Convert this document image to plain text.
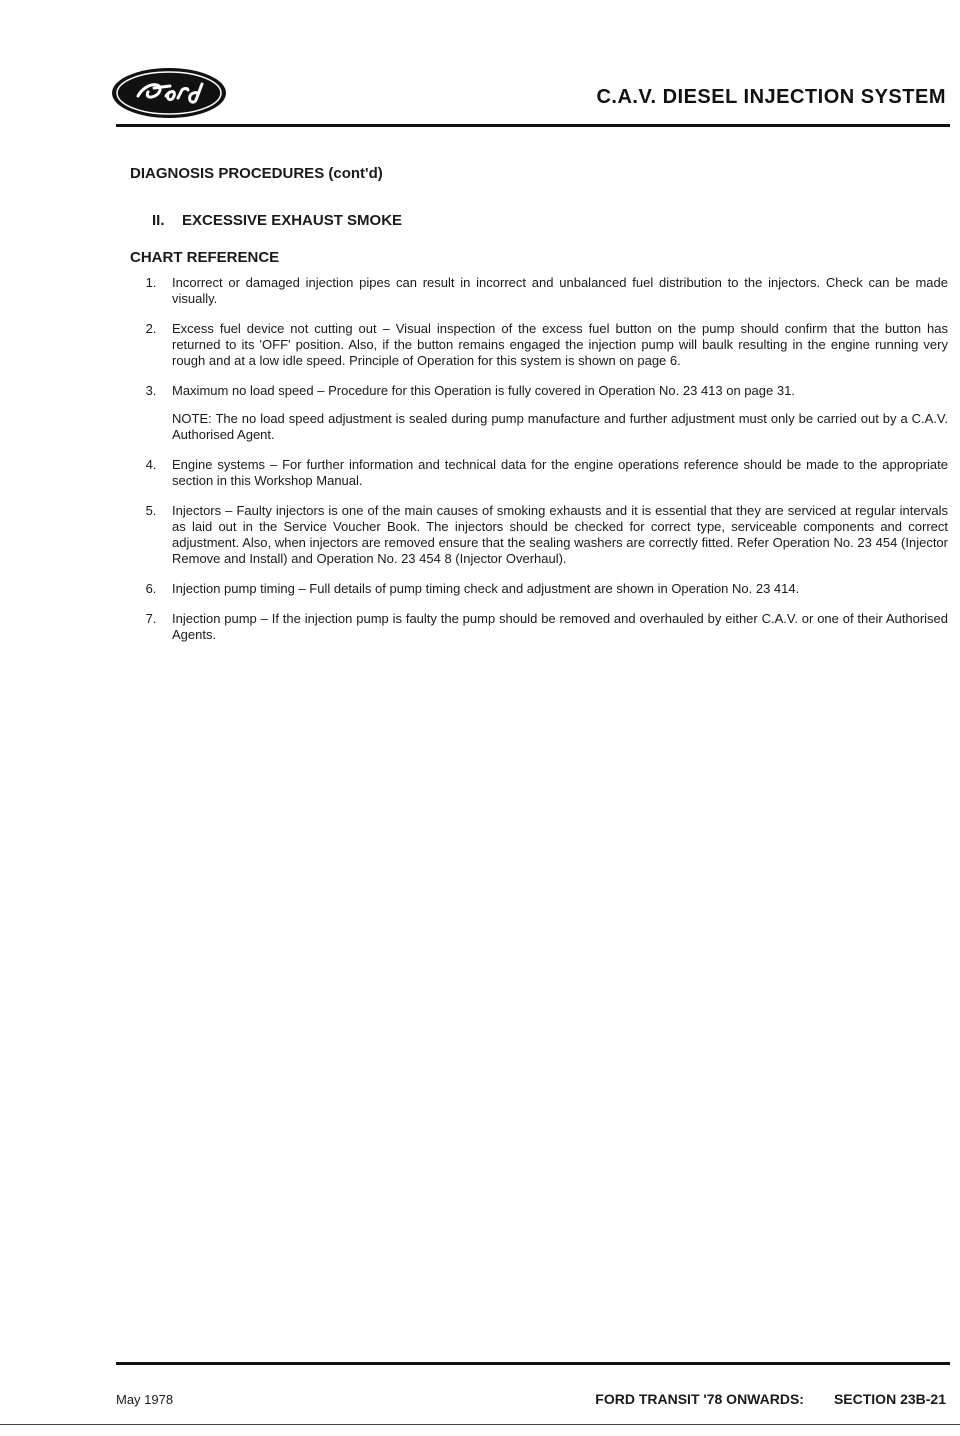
C.A.V. DIESEL INJECTION SYSTEM
DIAGNOSIS PROCEDURES (cont'd)
II. EXCESSIVE EXHAUST SMOKE
CHART REFERENCE
1.	Incorrect or damaged injection pipes can result in incorrect and unbalanced fuel distribution to the injectors. Check can be made visually.

2.	Excess fuel device not cutting out – Visual inspection of the excess fuel button on the pump should confirm that the button has returned to its 'OFF' position. Also, if the button remains engaged the injection pump will baulk resulting in the engine running very rough and at a low idle speed. Principle of Operation for this system is shown on page 6.

3.	Maximum no load speed – Procedure for this Operation is fully covered in Operation No. 23 413 on page 31.

NOTE: The no load speed adjustment is sealed during pump manufacture and further adjustment must only be carried out by a C.A.V. Authorised Agent.

4.	Engine systems – For further information and technical data for the engine operations reference should be made to the appropriate section in this Workshop Manual.

5.	Injectors – Faulty injectors is one of the main causes of smoking exhausts and it is essential that they are serviced at regular intervals as laid out in the Service Voucher Book. The injectors should be checked for correct type, serviceable components and correct adjustment. Also, when injectors are removed ensure that the sealing washers are correctly fitted. Refer Operation No. 23 454 (Injector Remove and Install) and Operation No. 23 454 8 (Injector Overhaul).

6.	Injection pump timing – Full details of pump timing check and adjustment are shown in Operation No. 23 414.

7.	Injection pump – If the injection pump is faulty the pump should be removed and overhauled by either C.A.V. or one of their Authorised Agents.

May 1978	FORD TRANSIT '78 ONWARDS: SECTION 23B-21
